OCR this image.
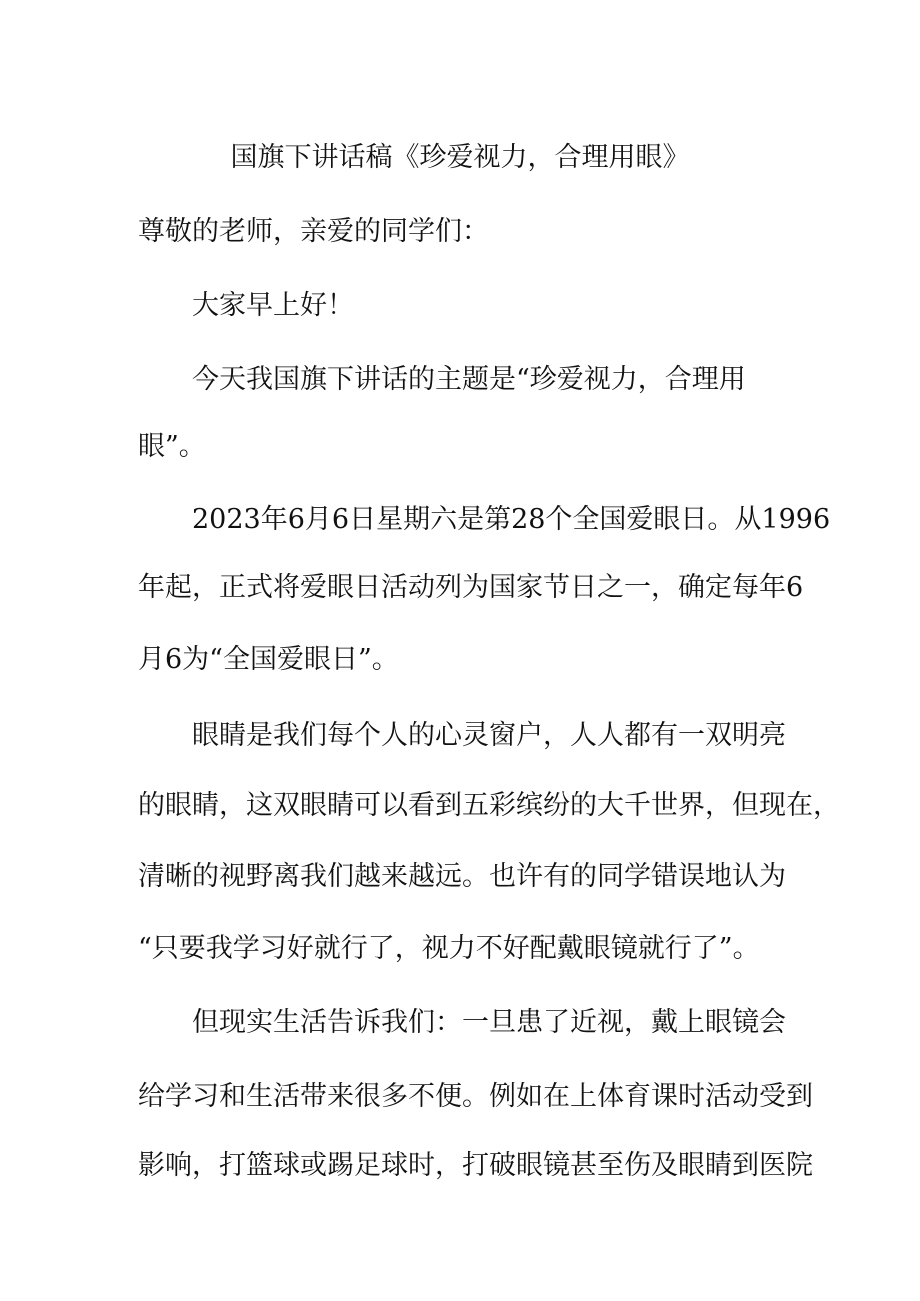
国旗下讲话稿《珍爱视力，合理用眼》

尊敬的老师，亲爱的同学们：

大家早上好！

今天我国旗下讲话的主题是“珍爱视力，合理用

眼”。

2023年6月6日星期六是第28个全国爱眼日。从1996

年起，正式将爱眼日活动列为国家节日之一，确定每年6

月6为“全国爱眼日”。

眼睛是我们每个人的心灵窗户，人人都有一双明亮

的眼睛，这双眼睛可以看到五彩缤纷的大千世界，但现在，

清晰的视野离我们越来越远。也许有的同学错误地认为

“只要我学习好就行了，视力不好配戴眼镜就行了”。

但现实生活告诉我们：一旦患了近视，戴上眼镜会

给学习和生活带来很多不便。例如在上体育课时活动受到

影响，打篮球或踢足球时，打破眼镜甚至伤及眼睛到医院
